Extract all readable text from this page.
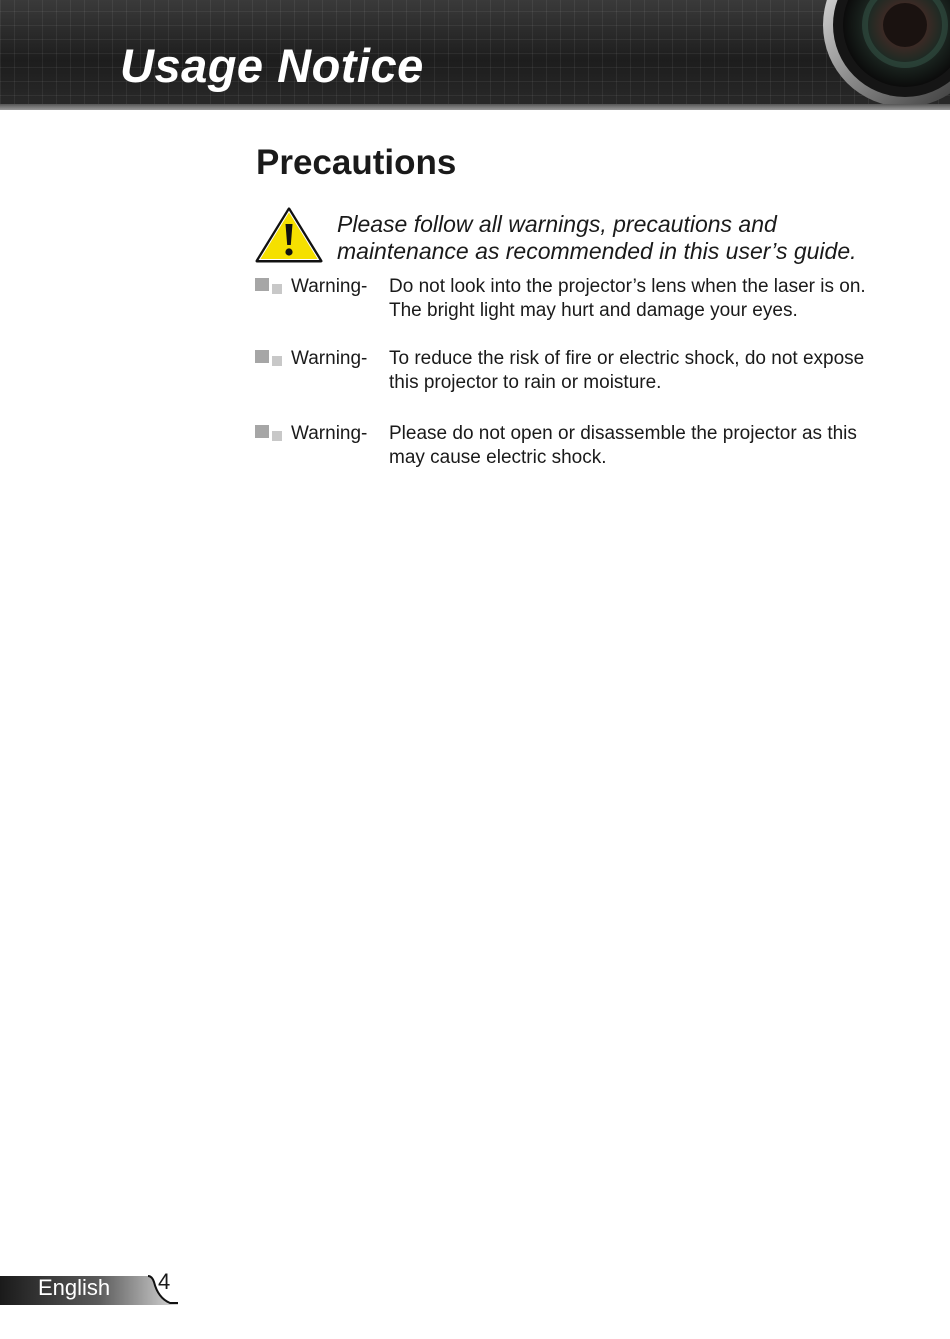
Usage Notice
Precautions

Please follow all warnings, precautions and maintenance as recommended in this user’s guide.

Warning- Do not look into the projector’s lens when the laser is on. The bright light may hurt and damage your eyes.

Warning- To reduce the risk of fire or electric shock, do not expose this projector to rain or moisture.

Warning- Please do not open or disassemble the projector as this may cause electric shock.

English 4
